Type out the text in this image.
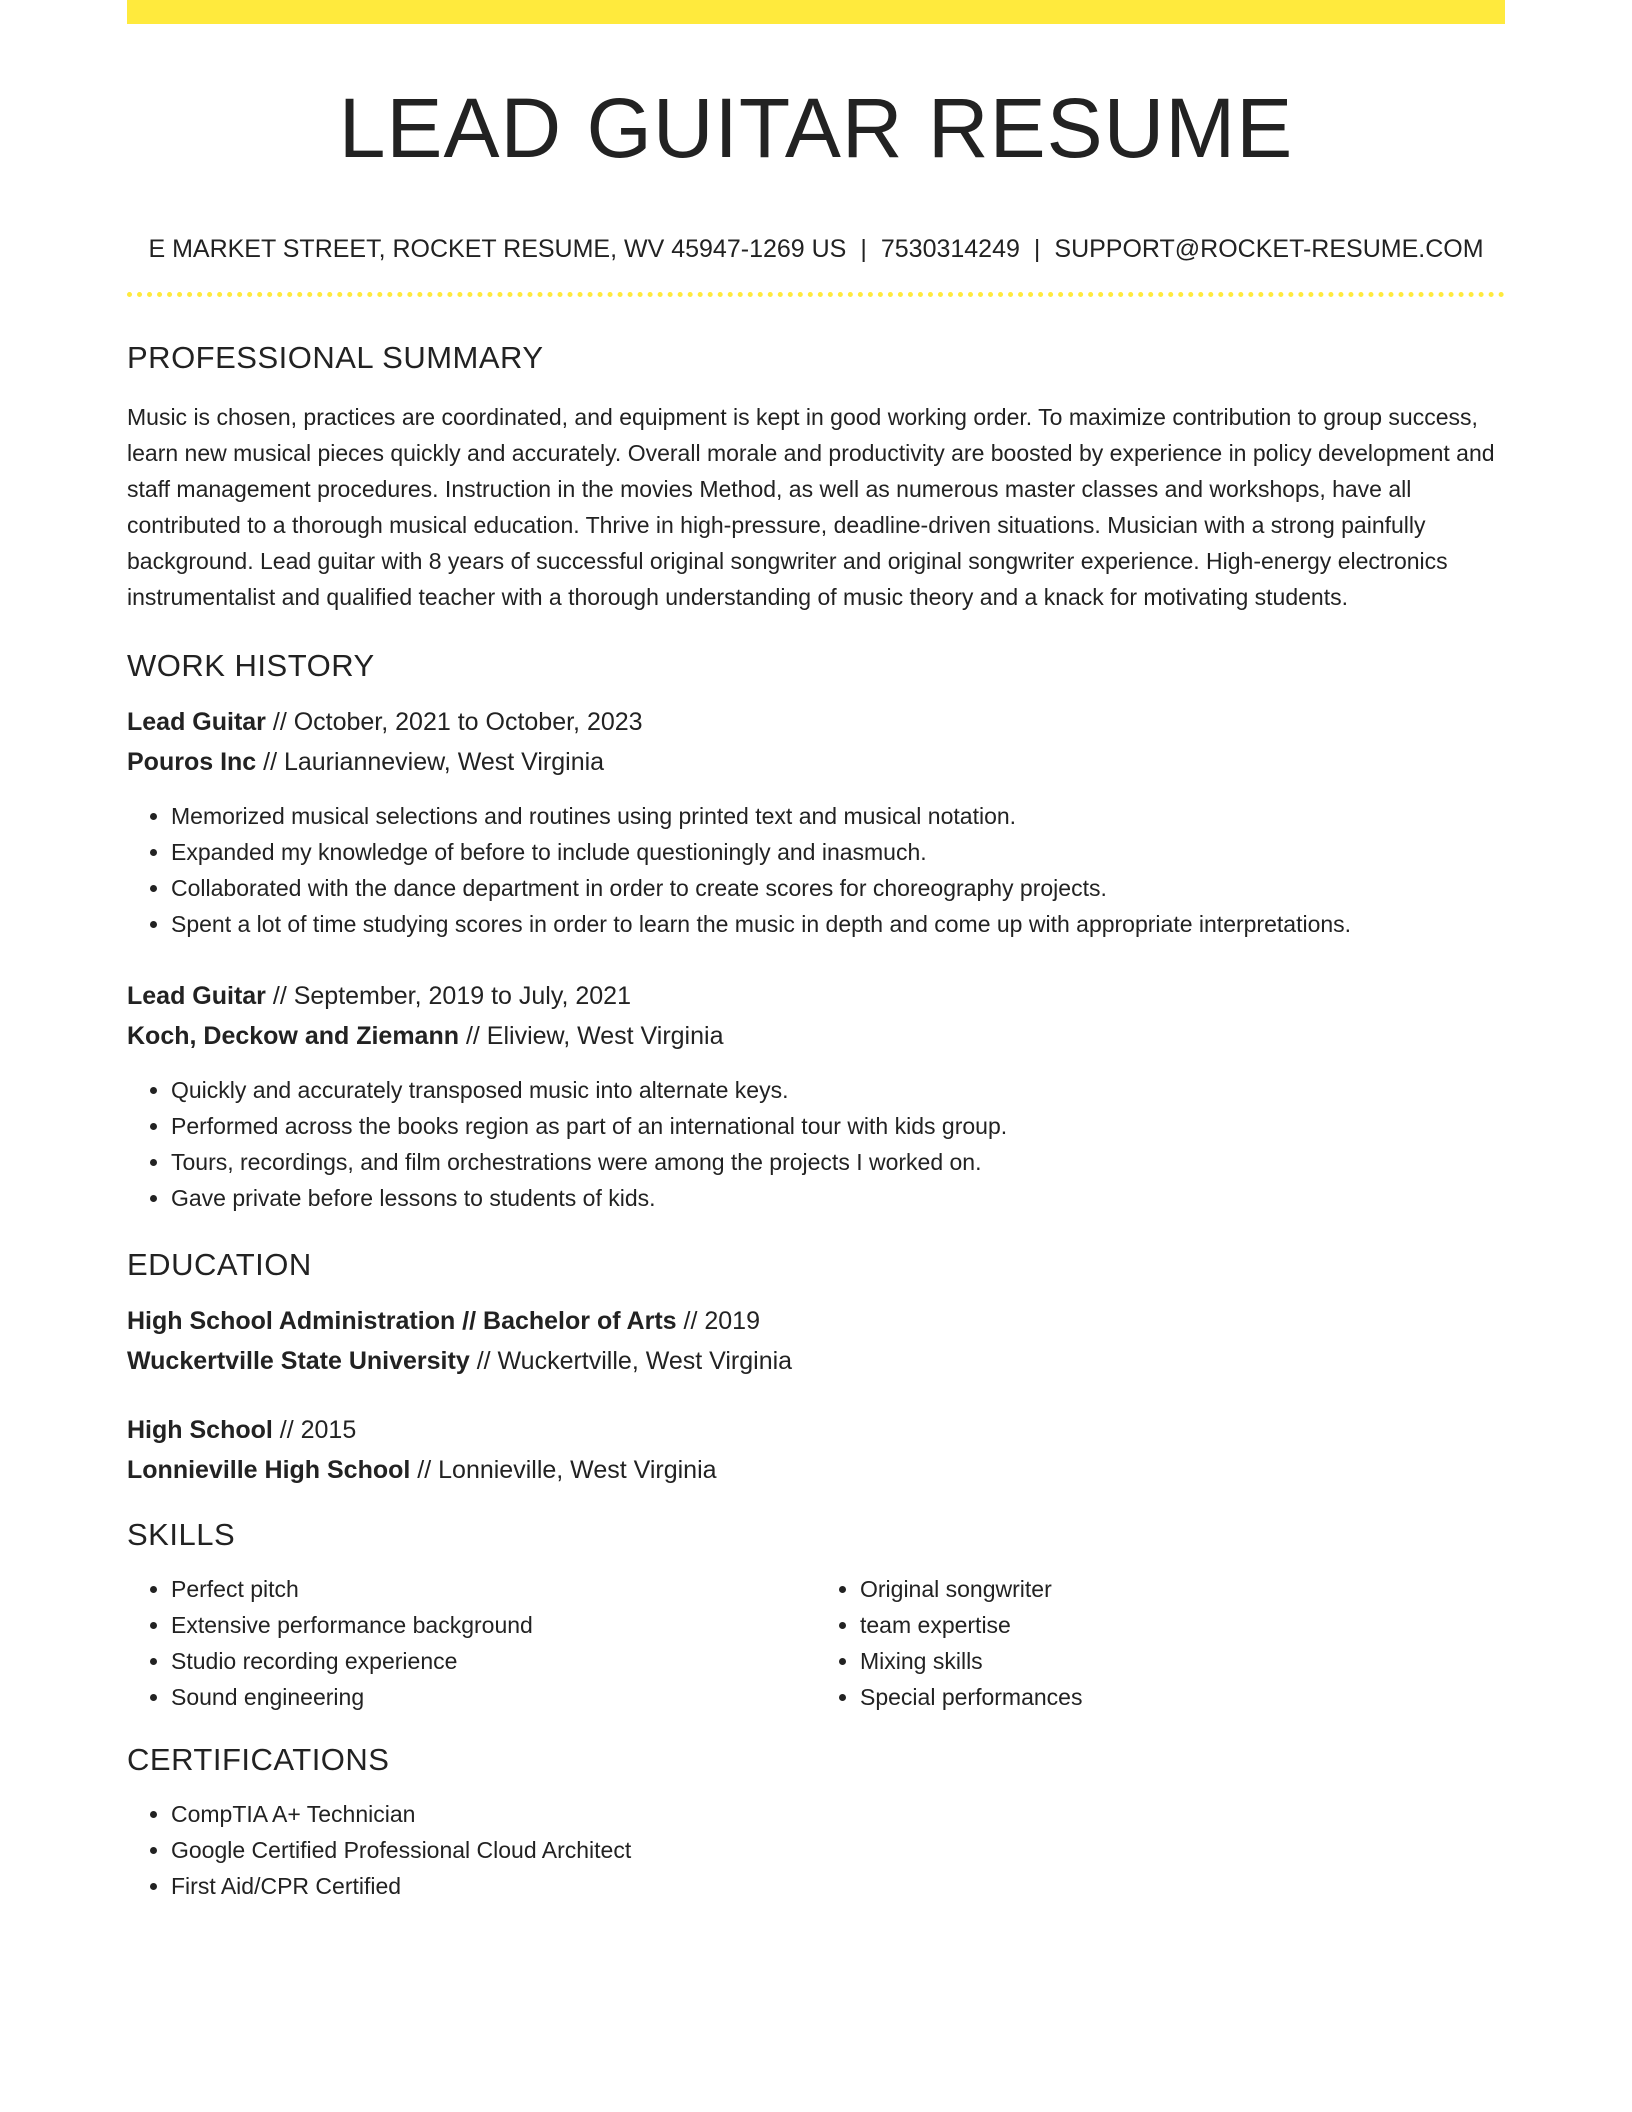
LEAD GUITAR RESUME
E MARKET STREET, ROCKET RESUME, WV 45947-1269 US | 7530314249 | SUPPORT@ROCKET-RESUME.COM
PROFESSIONAL SUMMARY

Music is chosen, practices are coordinated, and equipment is kept in good working order. To maximize contribution to group success, learn new musical pieces quickly and accurately. Overall morale and productivity are boosted by experience in policy development and staff management procedures. Instruction in the movies Method, as well as numerous master classes and workshops, have all contributed to a thorough musical education. Thrive in high-pressure, deadline-driven situations. Musician with a strong painfully background. Lead guitar with 8 years of successful original songwriter and original songwriter experience. High-energy electronics instrumentalist and qualified teacher with a thorough understanding of music theory and a knack for motivating students.

WORK HISTORY
Lead Guitar // October, 2021 to October, 2023
Pouros Inc // Laurianneview, West Virginia
• Memorized musical selections and routines using printed text and musical notation.
• Expanded my knowledge of before to include questioningly and inasmuch.
• Collaborated with the dance department in order to create scores for choreography projects.
• Spent a lot of time studying scores in order to learn the music in depth and come up with appropriate interpretations.
Lead Guitar // September, 2019 to July, 2021
Koch, Deckow and Ziemann // Eliview, West Virginia
• Quickly and accurately transposed music into alternate keys.
• Performed across the books region as part of an international tour with kids group.
• Tours, recordings, and film orchestrations were among the projects I worked on.
• Gave private before lessons to students of kids.
EDUCATION
High School Administration // Bachelor of Arts // 2019
Wuckertville State University // Wuckertville, West Virginia
High School // 2015
Lonnieville High School // Lonnieville, West Virginia
SKILLS
• Perfect pitch
• Extensive performance background
• Studio recording experience
• Sound engineering
• Original songwriter
• team expertise
• Mixing skills
• Special performances
CERTIFICATIONS
• CompTIA A+ Technician
• Google Certified Professional Cloud Architect
• First Aid/CPR Certified
